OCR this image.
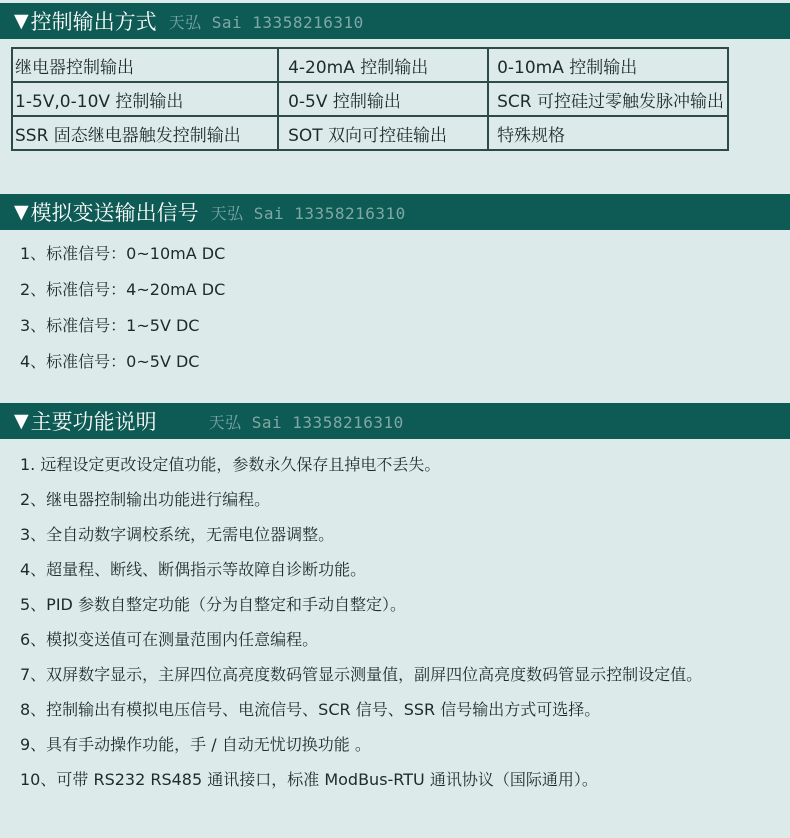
▼ 控制输出方式 天弘 Sai 13358216310
继电器控制输出	4-20mA 控制输出	0-10mA 控制输出
1-5V,0-10V 控制输出	0-5V 控制输出	SCR 可控硅过零触发脉冲输出
SSR 固态继电器触发控制输出	SOT 双向可控硅输出	特殊规格
▼ 模拟变送输出信号 天弘 Sai 13358216310
1、标准信号：0~10mA DC
2、标准信号：4~20mA DC
3、标准信号：1~5V DC
4、标准信号：0~5V DC
▼ 主要功能说明	天弘 Sai 13358216310
1. 远程设定更改设定值功能，参数永久保存且掉电不丢失。
2、继电器控制输出功能进行编程。
3、全自动数字调校系统，无需电位器调整。
4、超量程、断线、断偶指示等故障自诊断功能。
5、PID 参数自整定功能（分为自整定和手动自整定）。
6、模拟变送值可在测量范围内任意编程。
7、双屏数字显示，主屏四位高亮度数码管显示测量值，副屏四位高亮度数码管显示控制设定值。
8、控制输出有模拟电压信号、电流信号、SCR 信号、SSR 信号输出方式可选择。
9、具有手动操作功能，手 / 自动无忧切换功能 。
10、可带 RS232 RS485 通讯接口，标准 ModBus-RTU 通讯协议（国际通用）。
